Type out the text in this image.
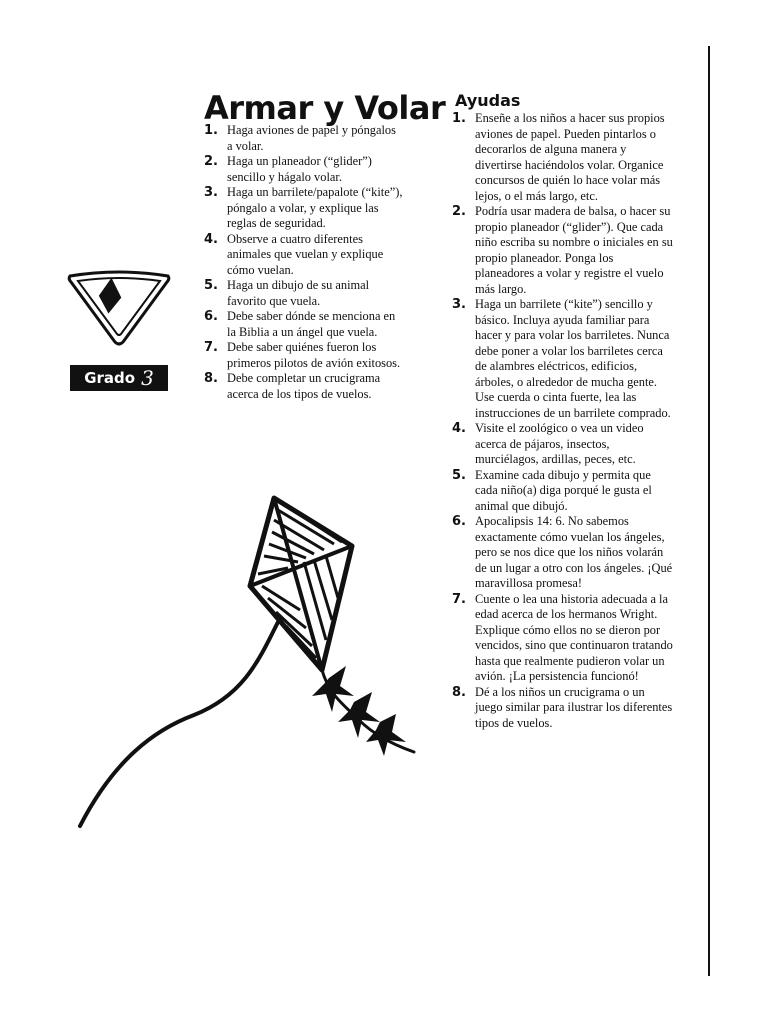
Grado 3
Armar y Volar
1. Haga aviones de papel y póngalos a volar.
2. Haga un planeador (“glider”) sencillo y hágalo volar.
3. Haga un barrilete/papalote (“kite”), póngalo a volar, y explique las reglas de seguridad.
4. Observe a cuatro diferentes animales que vuelan y explique cómo vuelan.
5. Haga un dibujo de su animal favorito que vuela.
6. Debe saber dónde se menciona en la Biblia a un ángel que vuela.
7. Debe saber quiénes fueron los primeros pilotos de avión exitosos.
8. Debe completar un crucigrama acerca de los tipos de vuelos.
Ayudas
1. Enseñe a los niños a hacer sus propios aviones de papel. Pueden pintarlos o decorarlos de alguna manera y divertirse haciéndolos volar. Organice concursos de quién lo hace volar más lejos, o el más largo, etc.
2. Podría usar madera de balsa, o hacer su propio planeador (“glider”). Que cada niño escriba su nombre o iniciales en su propio planeador. Ponga los planeadores a volar y registre el vuelo más largo.
3. Haga un barrilete (“kite”) sencillo y básico. Incluya ayuda familiar para hacer y para volar los barriletes. Nunca debe poner a volar los barriletes cerca de alambres eléctricos, edificios, árboles, o alrededor de mucha gente. Use cuerda o cinta fuerte, lea las instrucciones de un barrilete comprado.
4. Visite el zoológico o vea un video acerca de pájaros, insectos, murciélagos, ardillas, peces, etc.
5. Examine cada dibujo y permita que cada niño(a) diga porqué le gusta el animal que dibujó.
6. Apocalipsis 14: 6. No sabemos exactamente cómo vuelan los ángeles, pero se nos dice que los niños volarán de un lugar a otro con los ángeles. ¡Qué maravillosa promesa!
7. Cuente o lea una historia adecuada a la edad acerca de los hermanos Wright. Explique cómo ellos no se dieron por vencidos, sino que continuaron tratando hasta que realmente pudieron volar un avión. ¡La persistencia funcionó!
8. Dé a los niños un crucigrama o un juego similar para ilustrar los diferentes tipos de vuelos.
